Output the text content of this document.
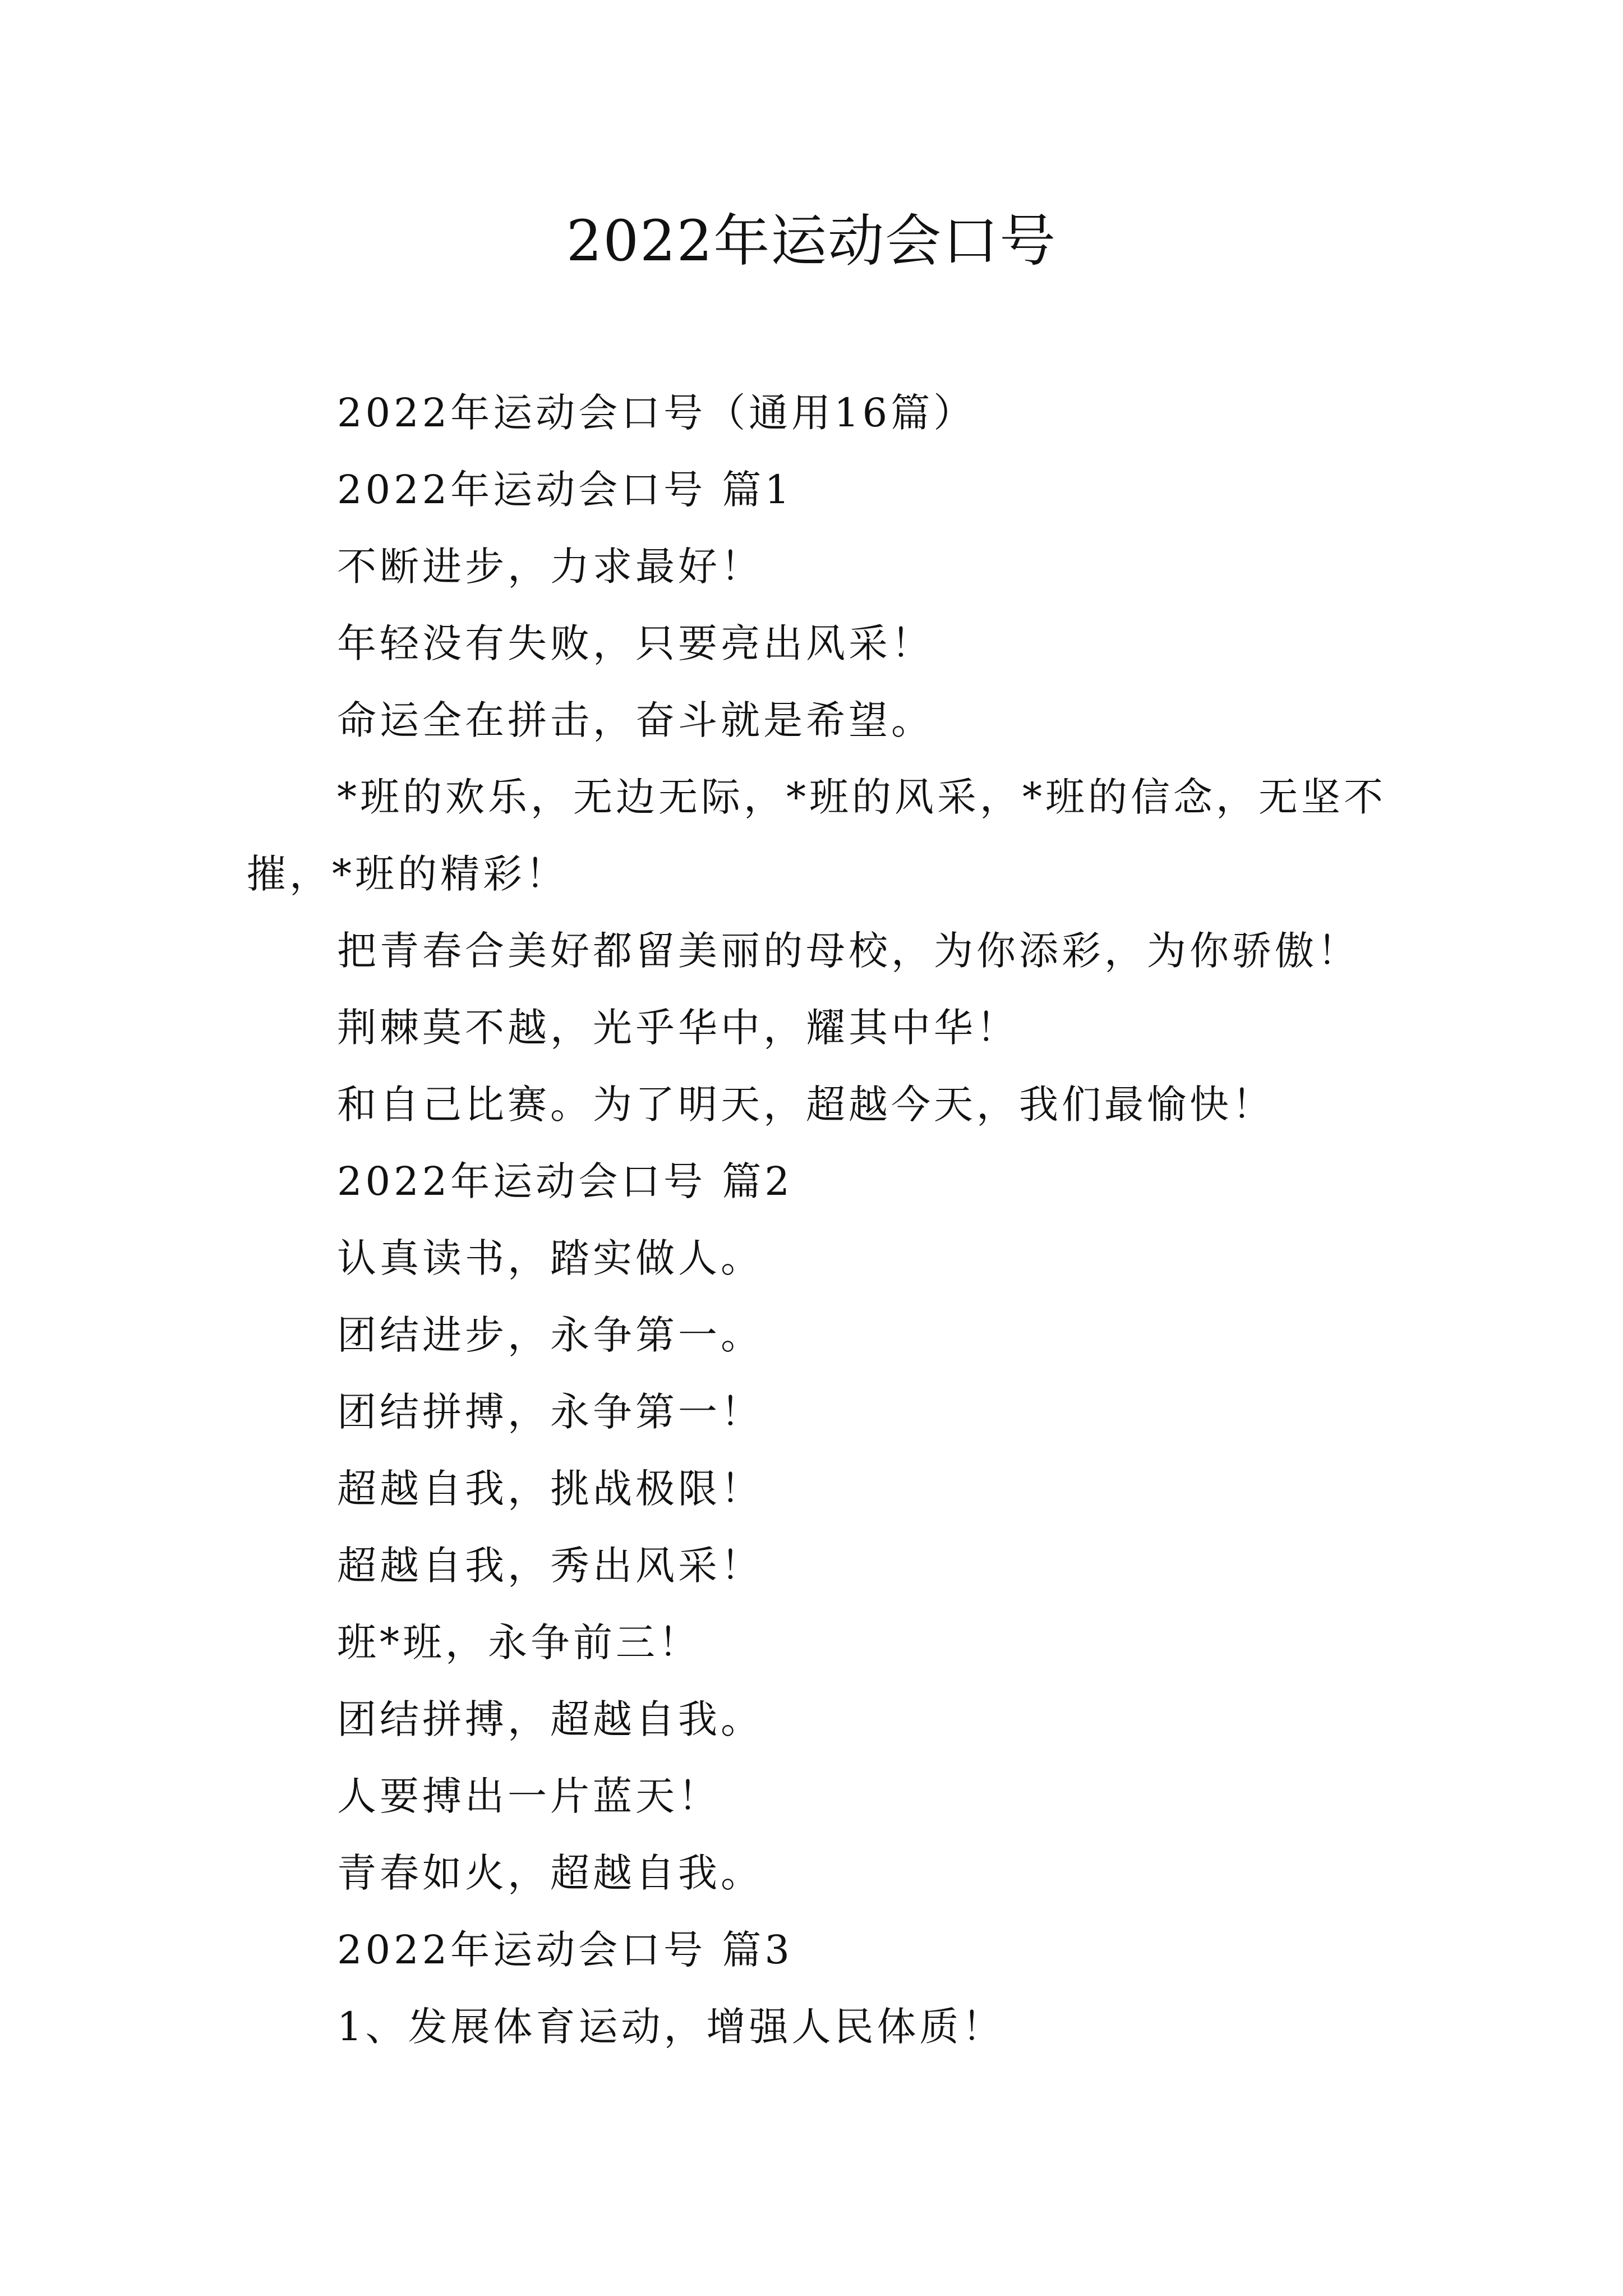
2022年运动会口号

2022年运动会口号（通用16篇）

2022年运动会口号 篇1

不断进步，力求最好！

年轻没有失败，只要亮出风采！

命运全在拼击，奋斗就是希望。

*班的欢乐，无边无际，*班的风采，*班的信念，无坚不摧，*班的精彩！

把青春合美好都留美丽的母校，为你添彩，为你骄傲！

荆棘莫不越，光乎华中，耀其中华！

和自己比赛。为了明天，超越今天，我们最愉快！

2022年运动会口号 篇2

认真读书，踏实做人。

团结进步，永争第一。

团结拼搏，永争第一！

超越自我，挑战极限！

超越自我，秀出风采！

班*班，永争前三！

团结拼搏，超越自我。

人要搏出一片蓝天！

青春如火，超越自我。

2022年运动会口号 篇3

1、发展体育运动，增强人民体质！
